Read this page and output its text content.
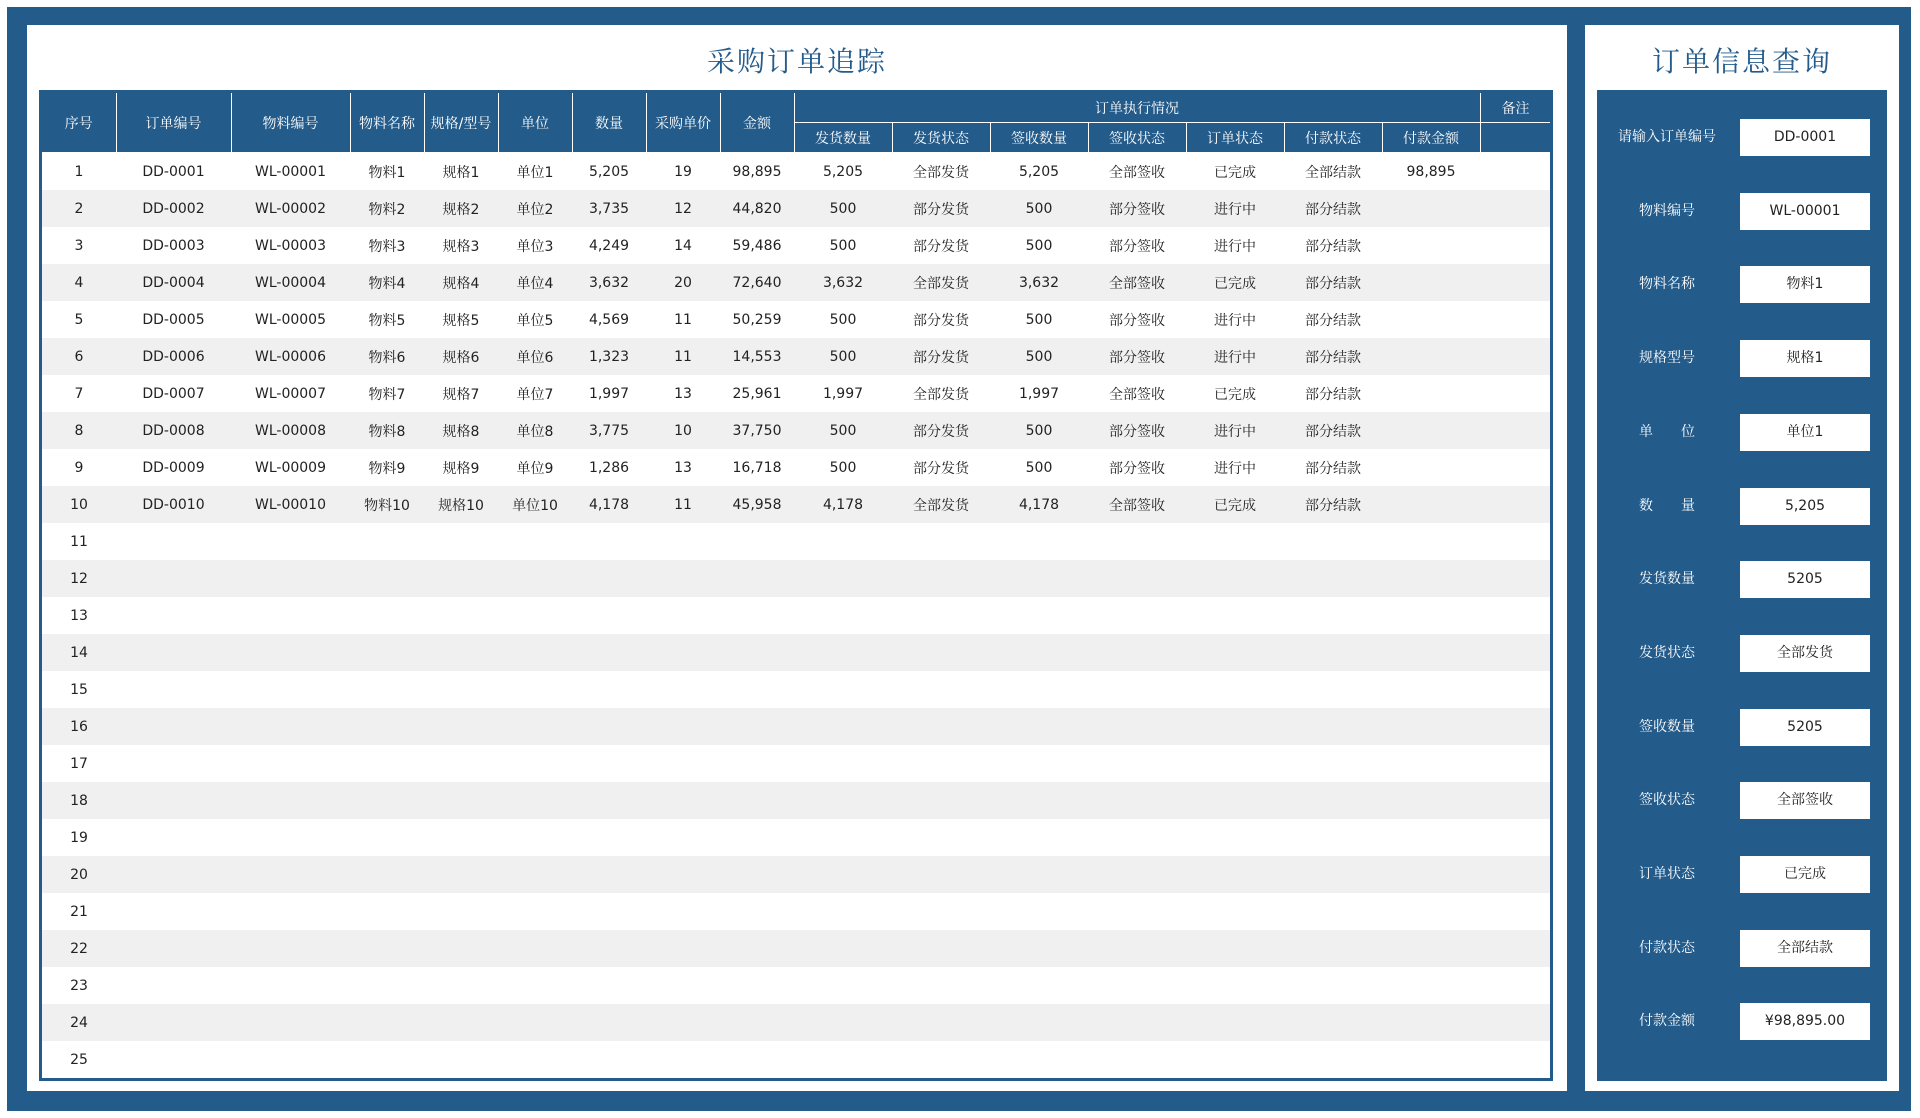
采购订单追踪
序号	订单编号	物料编号	物料名称	规格/型号	单位	数量	采购单价	金额	订单执行情况							备注
									发货数量	发货状态	签收数量	签收状态	订单状态	付款状态	付款金额	
1	DD-0001	WL-00001	物料1	规格1	单位1	5,205	19	98,895	5,205	全部发货	5,205	全部签收	已完成	全部结款	98,895	
2	DD-0002	WL-00002	物料2	规格2	单位2	3,735	12	44,820	500	部分发货	500	部分签收	进行中	部分结款		
3	DD-0003	WL-00003	物料3	规格3	单位3	4,249	14	59,486	500	部分发货	500	部分签收	进行中	部分结款		
4	DD-0004	WL-00004	物料4	规格4	单位4	3,632	20	72,640	3,632	全部发货	3,632	全部签收	已完成	部分结款		
5	DD-0005	WL-00005	物料5	规格5	单位5	4,569	11	50,259	500	部分发货	500	部分签收	进行中	部分结款		
6	DD-0006	WL-00006	物料6	规格6	单位6	1,323	11	14,553	500	部分发货	500	部分签收	进行中	部分结款		
7	DD-0007	WL-00007	物料7	规格7	单位7	1,997	13	25,961	1,997	全部发货	1,997	全部签收	已完成	部分结款		
8	DD-0008	WL-00008	物料8	规格8	单位8	3,775	10	37,750	500	部分发货	500	部分签收	进行中	部分结款		
9	DD-0009	WL-00009	物料9	规格9	单位9	1,286	13	16,718	500	部分发货	500	部分签收	进行中	部分结款		
10	DD-0010	WL-00010	物料10	规格10	单位10	4,178	11	45,958	4,178	全部发货	4,178	全部签收	已完成	部分结款		
11																
12																
13																
14																
15																
16																
17																
18																
19																
20																
21																
22																
23																
24																
25																
订单信息查询
请输入订单编号	DD-0001
物料编号	WL-00001
物料名称	物料1
规格型号	规格1
单　　位	单位1
数　　量	5,205
发货数量	5205
发货状态	全部发货
签收数量	5205
签收状态	全部签收
订单状态	已完成
付款状态	全部结款
付款金额	¥98,895.00
